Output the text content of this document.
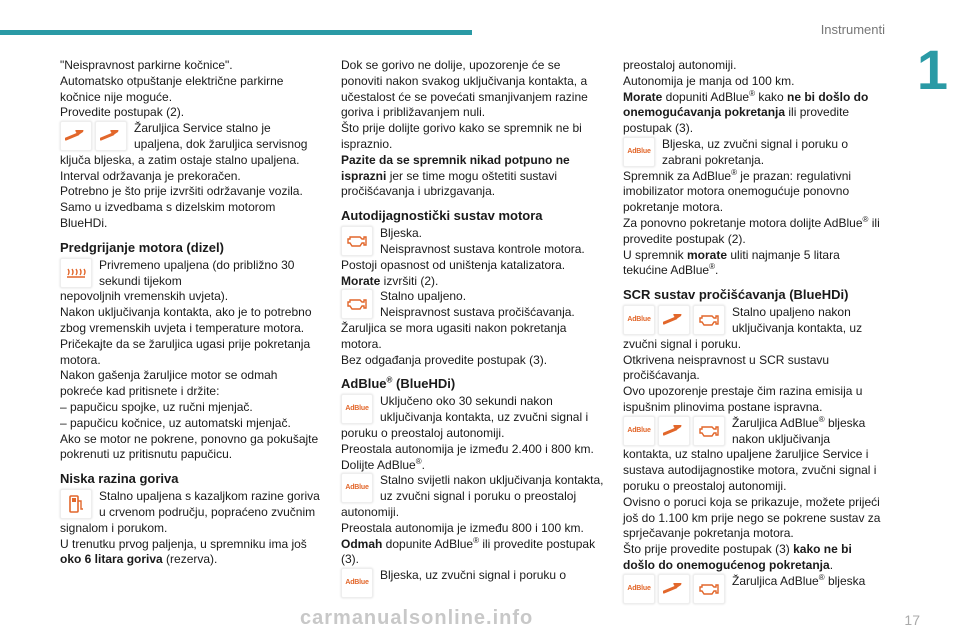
Instrumenti
1
"Neispravnost parkirne kočnice".
Automatsko otpuštanje električne parkirne kočnice nije moguće.
Provedite postupak (2).
Žaruljica Service stalno je upaljena, dok žaruljica servisnog
ključa bljeska, a zatim ostaje stalno upaljena.
Interval održavanja je prekoračen.
Potrebno je što prije izvršiti održavanje vozila.
Samo u izvedbama s dizelskim motorom BlueHDi.
Predgrijanje motora (dizel)
Privremeno upaljena (do približno 30 sekundi tijekom
nepovoljnih vremenskih uvjeta).
Nakon uključivanja kontakta, ako je to potrebno zbog vremenskih uvjeta i temperature motora. Pričekajte da se žaruljica ugasi prije pokretanja motora.
Nakon gašenja žaruljice motor se odmah pokreće kad pritisnete i držite:
– papučicu spojke, uz ručni mjenjač.
– papučicu kočnice, uz automatski mjenjač.
Ako se motor ne pokrene, ponovno ga pokušajte pokrenuti uz pritisnutu papučicu.
Niska razina goriva
Stalno upaljena s kazaljkom razine goriva u crvenom području, popraćeno zvučnim
signalom i porukom.
U trenutku prvog paljenja, u spremniku ima još oko 6 litara goriva (rezerva).
Dok se gorivo ne dolije, upozorenje će se ponoviti nakon svakog uključivanja kontakta, a učestalost će se povećati smanjivanjem razine goriva i približavanjem nuli.
Što prije dolijte gorivo kako se spremnik ne bi ispraznio.
Pazite da se spremnik nikad potpuno ne isprazni jer se time mogu oštetiti sustavi pročišćavanja i ubrizgavanja.
Autodijagnostički sustav motora
Bljeska.
Neispravnost sustava kontrole motora.
Postoji opasnost od uništenja katalizatora.
Morate izvršiti (2).
Stalno upaljeno.
Neispravnost sustava pročišćavanja.
Žaruljica se mora ugasiti nakon pokretanja motora.
Bez odgađanja provedite postupak (3).
AdBlue® (BlueHDi)
AdBlue
Uključeno oko 30 sekundi nakon uključivanja kontakta, uz zvučni signal i
poruku o preostaloj autonomiji.
Preostala autonomija je između 2.400 i 800 km.
Dolijte AdBlue®.
AdBlue
Stalno svijetli nakon uključivanja kontakta, uz zvučni signal i poruku o preostaloj
autonomiji.
Preostala autonomija je između 800 i 100 km.
Odmah dopunite AdBlue® ili provedite postupak (3).
AdBlue
Bljeska, uz zvučni signal i poruku o
preostaloj autonomiji.
Autonomija je manja od 100 km.
Morate dopuniti AdBlue® kako ne bi došlo do onemogućavanja pokretanja ili provedite postupak (3).
AdBlue
Bljeska, uz zvučni signal i poruku o zabrani pokretanja.
Spremnik za AdBlue® je prazan: regulativni imobilizator motora onemogućuje ponovno pokretanje motora.
Za ponovno pokretanje motora dolijte AdBlue® ili provedite postupak (2).
U spremnik morate uliti najmanje 5 litara tekućine AdBlue®.
SCR sustav pročišćavanja (BlueHDi)
AdBlue
Stalno upaljeno nakon uključivanja kontakta, uz
zvučni signal i poruku.
Otkrivena neispravnost u SCR sustavu pročišćavanja.
Ovo upozorenje prestaje čim razina emisija u ispušnim plinovima postane ispravna.
AdBlue
Žaruljica AdBlue® bljeska nakon uključivanja
kontakta, uz stalno upaljene žaruljice Service i sustava autodijagnostike motora, zvučni signal i poruku o preostaloj autonomiji.
Ovisno o poruci koja se prikazuje, možete prijeći još do 1.100 km prije nego se pokrene sustav za sprječavanje pokretanja motora.
Što prije provedite postupak (3) kako ne bi došlo do onemogućenog pokretanja.
AdBlue
Žaruljica AdBlue® bljeska
carmanualsonline.info	17
